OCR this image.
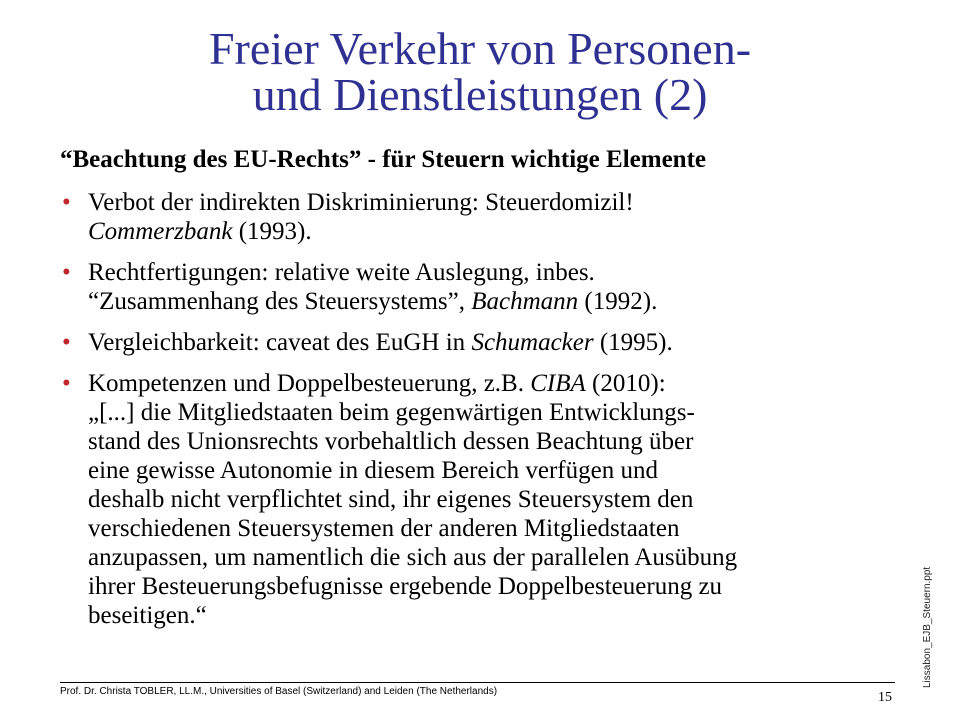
Freier Verkehr von Personen-
und Dienstleistungen (2)
“Beachtung des EU-Rechts” - für Steuern wichtige Elemente
• Verbot der indirekten Diskriminierung: Steuerdomizil!
Commerzbank (1993).
• Rechtfertigungen: relative weite Auslegung, inbes.
“Zusammenhang des Steuersystems”, Bachmann (1992).
• Vergleichbarkeit: caveat des EuGH in Schumacker (1995).
• Kompetenzen und Doppelbesteuerung, z.B. CIBA (2010):
„[...] die Mitgliedstaaten beim gegenwärtigen Entwicklungs-
stand des Unionsrechts vorbehaltlich dessen Beachtung über
eine gewisse Autonomie in diesem Bereich verfügen und
deshalb nicht verpflichtet sind, ihr eigenes Steuersystem den
verschiedenen Steuersystemen der anderen Mitgliedstaaten
anzupassen, um namentlich die sich aus der parallelen Ausübung
ihrer Besteuerungsbefugnisse ergebende Doppelbesteuerung zu
beseitigen.“
Prof. Dr. Christa TOBLER, LL.M., Universities of Basel (Switzerland) and Leiden (The Netherlands)	15
Lissabon_EJB_Steuern.ppt
